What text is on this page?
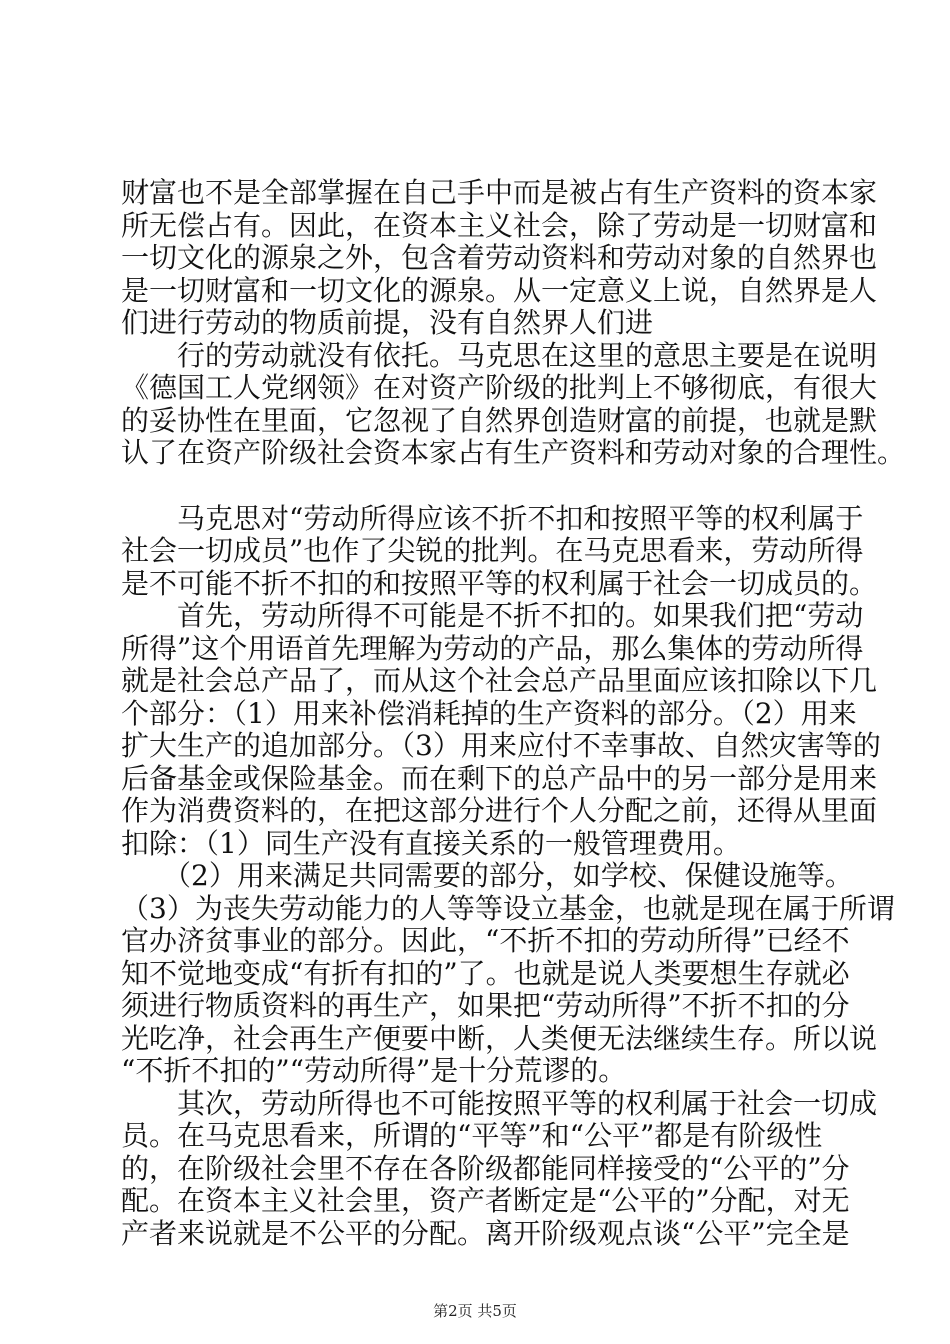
财富也不是全部掌握在自己手中而是被占有生产资料的资本家
所无偿占有。因此，在资本主义社会，除了劳动是一切财富和
一切文化的源泉之外，包含着劳动资料和劳动对象的自然界也
是一切财富和一切文化的源泉。从一定意义上说，自然界是人
们进行劳动的物质前提，没有自然界人们进
　　行的劳动就没有依托。马克思在这里的意思主要是在说明
《德国工人党纲领》在对资产阶级的批判上不够彻底，有很大
的妥协性在里面，它忽视了自然界创造财富的前提，也就是默
认了在资产阶级社会资本家占有生产资料和劳动对象的合理性。
　　马克思对“劳动所得应该不折不扣和按照平等的权利属于
社会一切成员”也作了尖锐的批判。在马克思看来，劳动所得
是不可能不折不扣的和按照平等的权利属于社会一切成员的。
　　首先，劳动所得不可能是不折不扣的。如果我们把“劳动
所得”这个用语首先理解为劳动的产品，那么集体的劳动所得
就是社会总产品了，而从这个社会总产品里面应该扣除以下几
个部分：（1）用来补偿消耗掉的生产资料的部分。（2）用来
扩大生产的追加部分。（3）用来应付不幸事故、自然灾害等的
后备基金或保险基金。而在剩下的总产品中的另一部分是用来
作为消费资料的，在把这部分进行个人分配之前，还得从里面
扣除：（1）同生产没有直接关系的一般管理费用。
　　（2）用来满足共同需要的部分，如学校、保健设施等。
（3）为丧失劳动能力的人等等设立基金，也就是现在属于所谓
官办济贫事业的部分。因此，“不折不扣的劳动所得”已经不
知不觉地变成“有折有扣的”了。也就是说人类要想生存就必
须进行物质资料的再生产，如果把“劳动所得”不折不扣的分
光吃净，社会再生产便要中断，人类便无法继续生存。所以说
“不折不扣的”“劳动所得”是十分荒谬的。
　　其次，劳动所得也不可能按照平等的权利属于社会一切成
员。在马克思看来，所谓的“平等”和“公平”都是有阶级性
的，在阶级社会里不存在各阶级都能同样接受的“公平的”分
配。在资本主义社会里，资产者断定是“公平的”分配，对无
产者来说就是不公平的分配。离开阶级观点谈“公平”完全是
第2页 共5页
